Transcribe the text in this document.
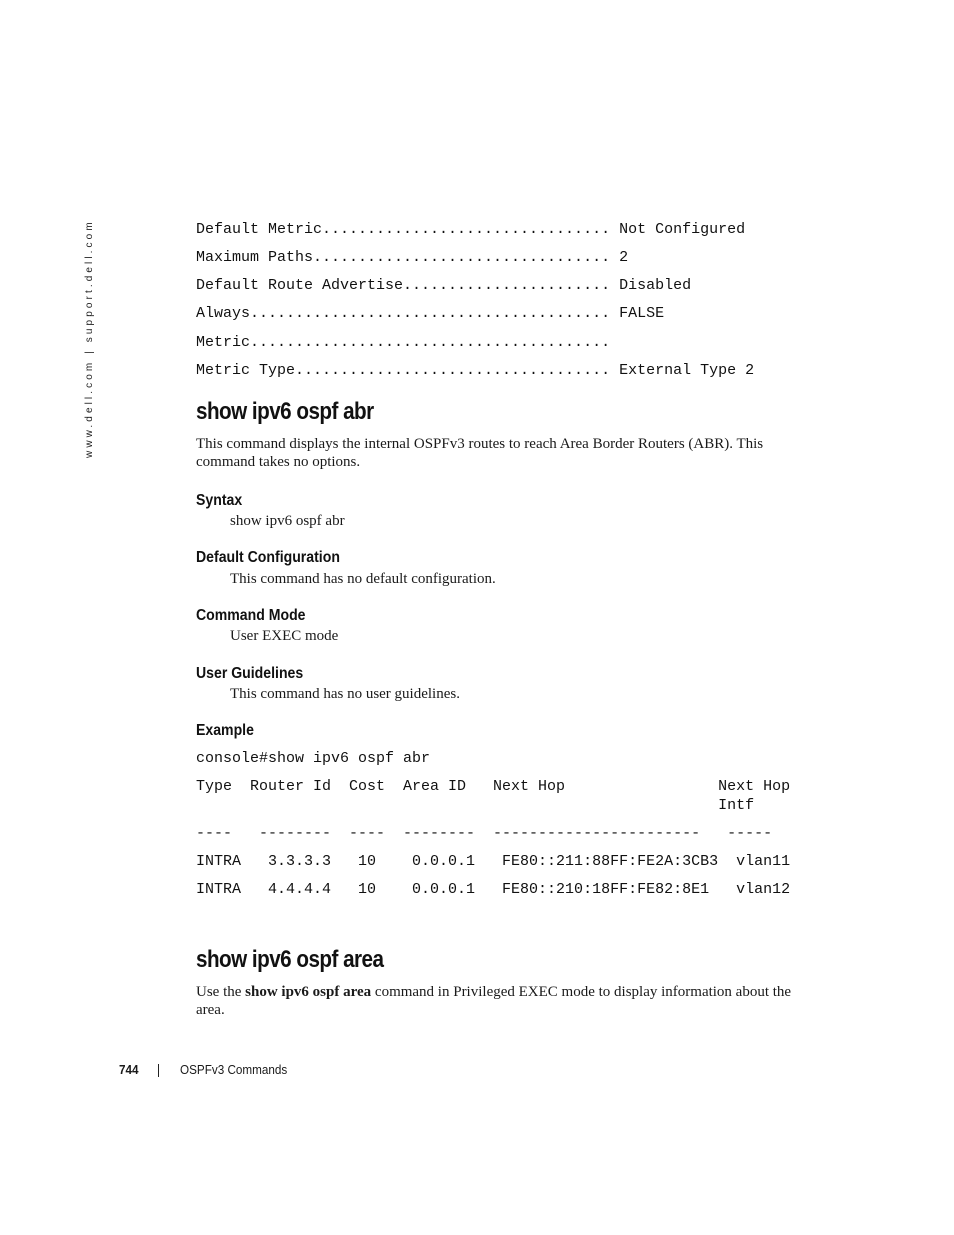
www.dell.com | support.dell.com	Default Metric................................ Not Configured
Maximum Paths................................. 2
Default Route Advertise....................... Disabled
Always........................................ FALSE
Metric........................................
Metric Type................................... External Type 2
show ipv6 ospf abr

This command displays the internal OSPFv3 routes to reach Area Border Routers (ABR). This command takes no options.

Syntax

show ipv6 ospf abr

Default Configuration

This command has no default configuration.

Command Mode

User EXEC mode

User Guidelines

This command has no user guidelines.

Example
console#show ipv6 ospf abr
Type  Router Id  Cost  Area ID   Next Hop                 Next Hop
Intf
----   --------  ----  --------  -----------------------   -----
INTRA   3.3.3.3   10    0.0.0.1   FE80::211:88FF:FE2A:3CB3  vlan11
INTRA   4.4.4.4   10    0.0.0.1   FE80::210:18FF:FE82:8E1   vlan12
show ipv6 ospf area

Use the show ipv6 ospf area command in Privileged EXEC mode to display information about the area.

744	OSPFv3 Commands
